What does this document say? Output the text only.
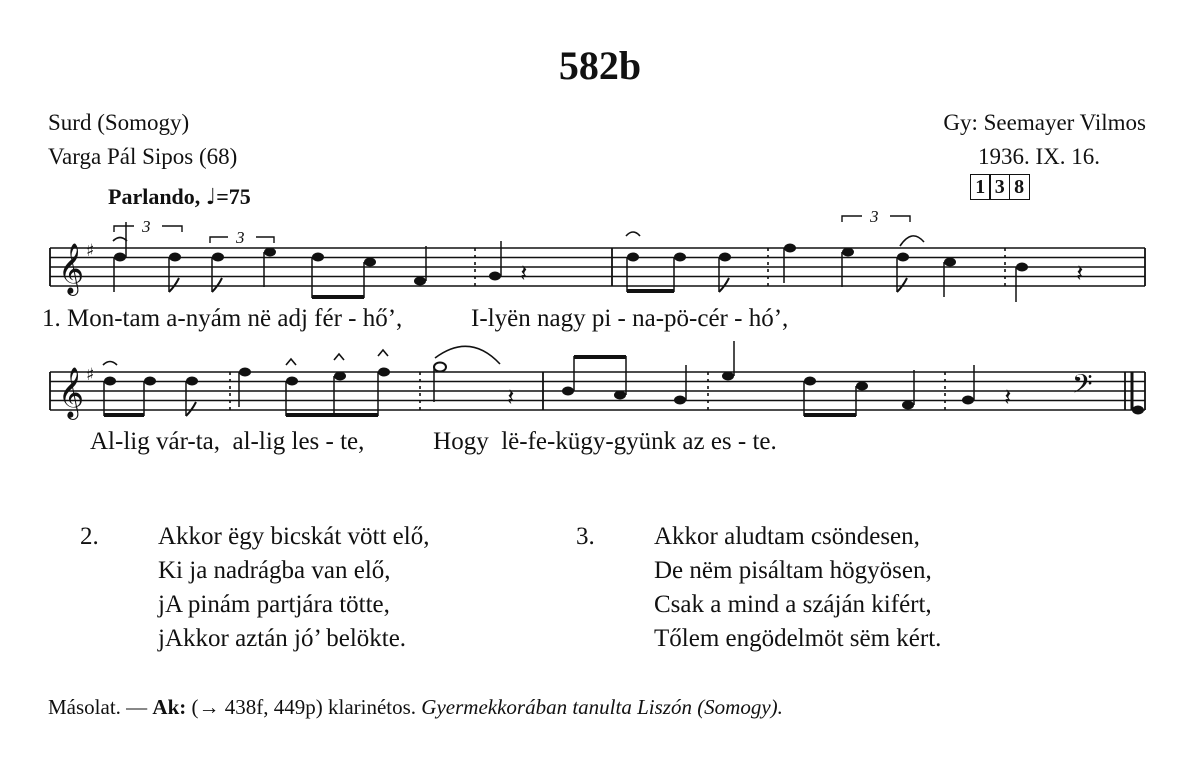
582b
Surd (Somogy)
Varga Pál Sipos (68)
Gy: Seemayer Vilmos
1936. IX. 16.
1 3 8
Parlando, ♩=75
𝄞 ♯
𝄞 ♯	𝄢
𝄽	𝄽
𝄽	𝄽
3
3
3
1. Mon-tam a-nyám në adj fér - hő’,           I-lyën nagy pi - na-pö-cér - hó’,
Al-lig vár-ta,  al-lig les - te,           Hogy  lë-fe-kügy-gyünk az es - te.
2. Akkor ëgy bicskát vött elő,
Ki ja nadrágba van elő,
jA pinám partjára tötte,
jAkkor aztán jó’ belökte.
3. Akkor aludtam csöndesen,
De nëm pisáltam högyösen,
Csak a mind a száján kifért,
Tőlem engödelmöt sëm kért.
Másolat. — Ak: (→ 438f, 449p) klarinétos. Gyermekkorában tanulta Liszón (Somogy).
